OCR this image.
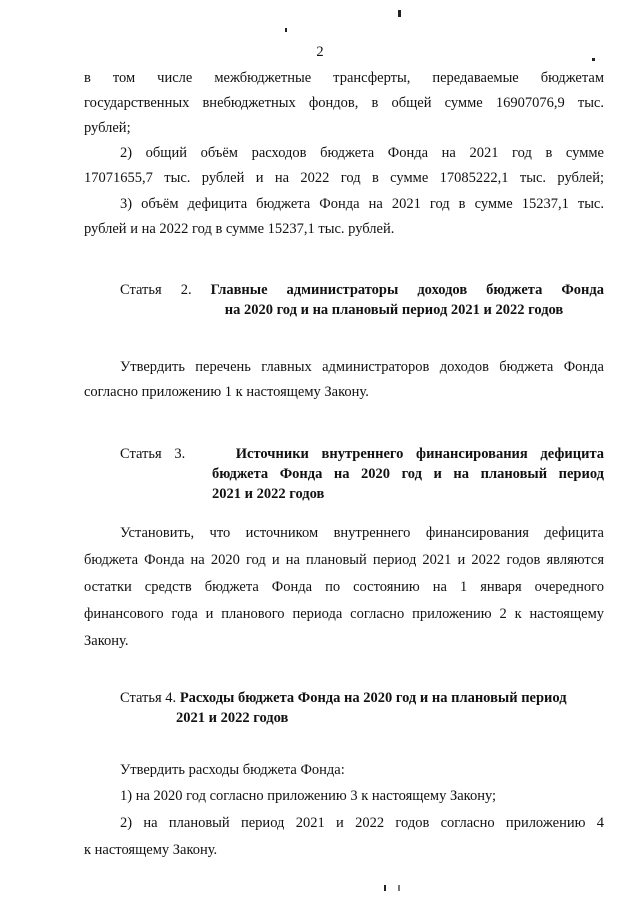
2

в том числе межбюджетные трансферты, передаваемые бюджетам

государственных внебюджетных фондов, в общей сумме 16907076,9 тыс.

рублей;

2) общий объём расходов бюджета Фонда на 2021 год в сумме

17071655,7 тыс. рублей и на 2022 год в сумме 17085222,1 тыс. рублей;

3) объём дефицита бюджета Фонда на 2021 год в сумме 15237,1 тыс.

рублей и на 2022 год в сумме 15237,1 тыс. рублей.

Статья 2. Главные администраторы доходов бюджета Фонда

на 2020 год и на плановый период 2021 и 2022 годов

Утвердить перечень главных администраторов доходов бюджета Фонда

согласно приложению 1 к настоящему Закону.

Статья 3.	Источники внутреннего финансирования дефицита

бюджета Фонда на 2020 год и на плановый период

2021 и 2022 годов

Установить, что источником внутреннего финансирования дефицита

бюджета Фонда на 2020 год и на плановый период 2021 и 2022 годов являются

остатки средств бюджета Фонда по состоянию на 1 января очередного

финансового года и планового периода согласно приложению 2 к настоящему

Закону.

Статья 4. Расходы бюджета Фонда на 2020 год и на плановый период

2021 и 2022 годов

Утвердить расходы бюджета Фонда:

1) на 2020 год согласно приложению 3 к настоящему Закону;

2) на плановый период 2021 и 2022 годов согласно приложению 4

к настоящему Закону.
